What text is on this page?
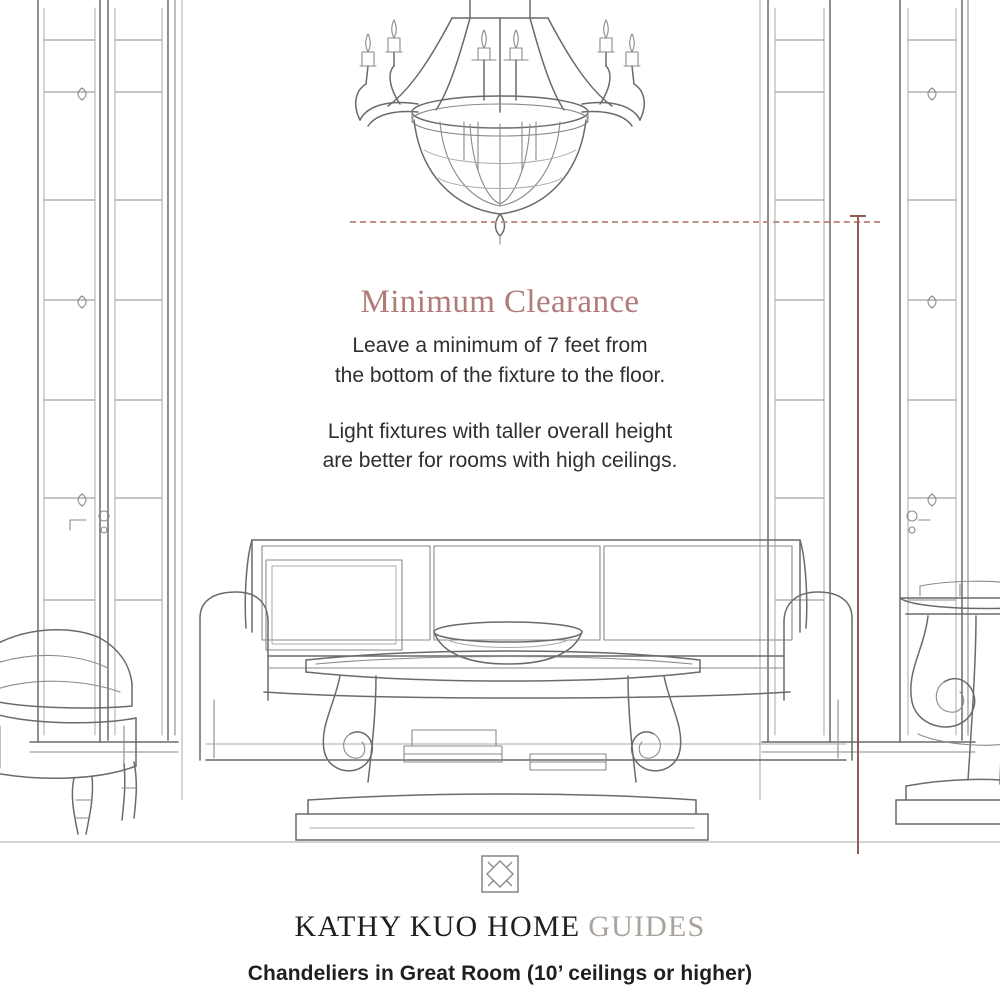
Minimum Clearance
Leave a minimum of 7 feet from
the bottom of the fixture to the floor.
Light fixtures with taller overall height
are better for rooms with high ceilings.
KATHY KUO HOME GUIDES
Chandeliers in Great Room (10’ ceilings or higher)
